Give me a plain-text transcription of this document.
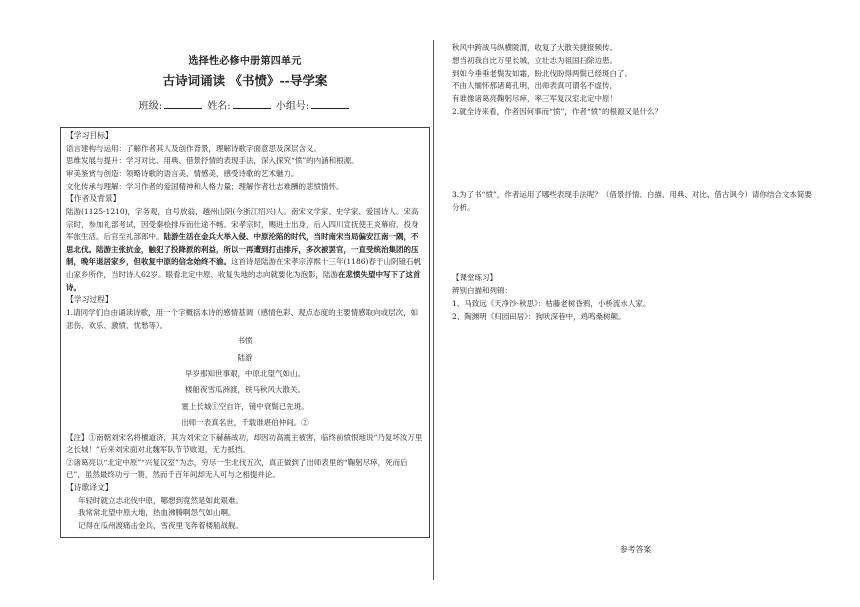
选择性必修中册第四单元
古诗词诵读 《书愤》--导学案
班级:	姓名:	小组号:

【学习目标】

语言建构与运用：了解作者其人及创作背景，理解诗歌字面意思及深层含义。

思维发展与提升：学习对比、用典、借景抒情的表现手法，深入探究“愤”的内涵和根源。

审美鉴赏与创造：领略诗歌的语言美、情感美，感受诗歌的艺术魅力。

文化传承与理解：学习作者的爱国精神和人格力量；理解作者壮志难酬的悲愤情怀。

【作者及背景】

陆游(1125-1210)，字务观，自号放翁，越州山阴(今浙江绍兴)人。南宋文学家、史学家、爱国诗人。宋高宗时，参加礼部考试，因受秦桧排斥而仕途不畅。宋孝宗时，赐进士出身，后入四川宣抚使王炎幕府，投身军旅生活。后官至礼部郎中。陆游生活在金兵大举入侵、中原沦陷的时代，当时南宋当局偏安江南一隅，不思北伐。陆游主张抗金，触犯了投降派的利益，所以一再遭到打击排斥，多次被罢官，一直受统治集团的压制，晚年退居家乡，但收复中原的信念始终不渝。这首诗是陆游在宋孝宗淳熙十三年(1186)春于山阴镜石帆山家乡所作，当时诗人62岁。眼看北定中原、收复失地的志向就要化为泡影，陆游在悲愤失望中写下了这首诗。

【学习过程】

1.请同学们自由诵读诗歌，用一个字概括本诗的感情基调（感情色彩、观点态度的主要情感取向或层次，如悲伤、欢乐、激愤、忧愁等）。

书愤
陆游
早岁那知世事艰，中原北望气如山。
楼船夜雪瓜洲渡，铁马秋风大散关。
塞上长城①空自许，镜中衰鬓已先斑。
出师一表真名世，千载谁堪伯仲间。②

【注】①南朝刘宋名将檀道济，其为刘宋立下赫赫战功，却因功高震主被害，临终前愤恨地说“乃复坏汝万里之长城！”后来刘宋面对北魏军队节节败退，无力抵挡。

②诸葛亮以“北定中原”“兴复汉室”为志，穷尽一生北伐五次，真正做到了出师表里的“鞠躬尽瘁，死而后已”，虽然最终功亏一篑，然而千百年间却无人可与之相提并论。

【诗歌译文】

年轻时就立志北伐中原，哪想到竟然是如此艰难。

我常常北望中原大地，热血沸腾啊怨气如山啊。

记得在瓜州渡痛击金兵，雪夜里飞奔着楼船战舰。

秋风中跨战马纵横陇渭，收复了大散关捷报频传。

想当初我自比万里长城，立壮志为祖国扫除边患。

到如今垂垂老鬓发如霜，盼北伐盼得两鬓已经斑白了。

不由人缅怀那诸葛孔明，出师表真可谓名不虚传，

有谁像诸葛亮鞠躬尽瘁，率三军复汉室北定中原！

2.就全诗来看，作者因何事而“愤”，作者“愤”的根源又是什么？

3.为了书“愤”，作者运用了哪些表现手法呢？（借景抒情、白描、用典、对比、借古讽今）请你结合文本简要分析。

【课堂练习】

辨别白描和列锦：

1、马致远《天净沙·秋思》：枯藤老树昏鸦，小桥流水人家。

2、陶渊明《归园田居》：狗吠深巷中，鸡鸣桑树颠。

参考答案
